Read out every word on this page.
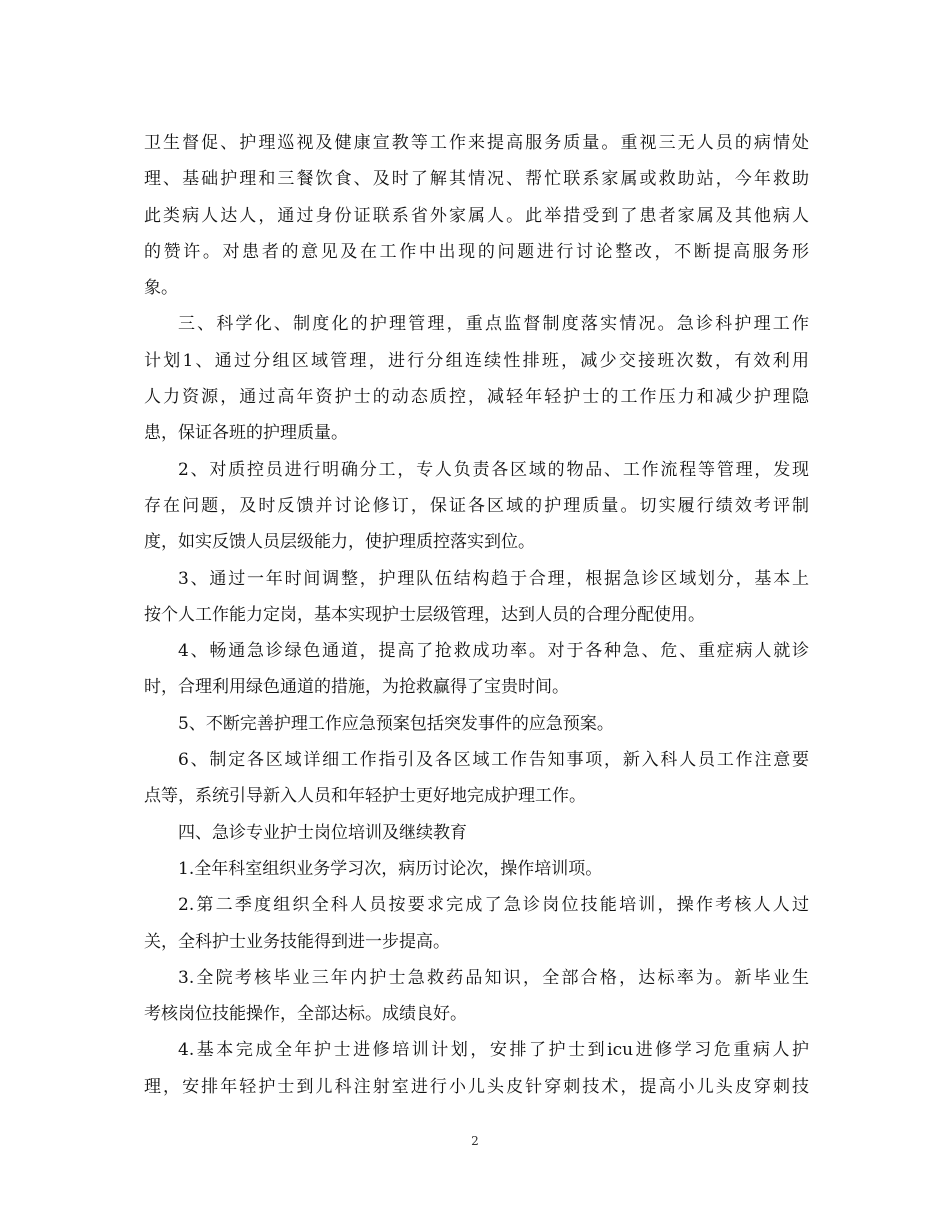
卫生督促、护理巡视及健康宣教等工作来提高服务质量。重视三无人员的病情处
理、基础护理和三餐饮食、及时了解其情况、帮忙联系家属或救助站，今年救助
此类病人达人，通过身份证联系省外家属人。此举措受到了患者家属及其他病人
的赞许。对患者的意见及在工作中出现的问题进行讨论整改，不断提高服务形
象。
三、科学化、制度化的护理管理，重点监督制度落实情况。急诊科护理工作
计划1、通过分组区域管理，进行分组连续性排班，减少交接班次数，有效利用
人力资源，通过高年资护士的动态质控，减轻年轻护士的工作压力和减少护理隐
患，保证各班的护理质量。
2、对质控员进行明确分工，专人负责各区域的物品、工作流程等管理，发现
存在问题，及时反馈并讨论修订，保证各区域的护理质量。切实履行绩效考评制
度，如实反馈人员层级能力，使护理质控落实到位。
3、通过一年时间调整，护理队伍结构趋于合理，根据急诊区域划分，基本上
按个人工作能力定岗，基本实现护士层级管理，达到人员的合理分配使用。
4、畅通急诊绿色通道，提高了抢救成功率。对于各种急、危、重症病人就诊
时，合理利用绿色通道的措施，为抢救赢得了宝贵时间。
5、不断完善护理工作应急预案包括突发事件的应急预案。
6、制定各区域详细工作指引及各区域工作告知事项，新入科人员工作注意要
点等，系统引导新入人员和年轻护士更好地完成护理工作。
四、急诊专业护士岗位培训及继续教育
1.全年科室组织业务学习次，病历讨论次，操作培训项。
2.第二季度组织全科人员按要求完成了急诊岗位技能培训，操作考核人人过
关，全科护士业务技能得到进一步提高。
3.全院考核毕业三年内护士急救药品知识，全部合格，达标率为。新毕业生
考核岗位技能操作，全部达标。成绩良好。
4.基本完成全年护士进修培训计划，安排了护士到icu进修学习危重病人护
理，安排年轻护士到儿科注射室进行小儿头皮针穿刺技术，提高小儿头皮穿刺技
2
